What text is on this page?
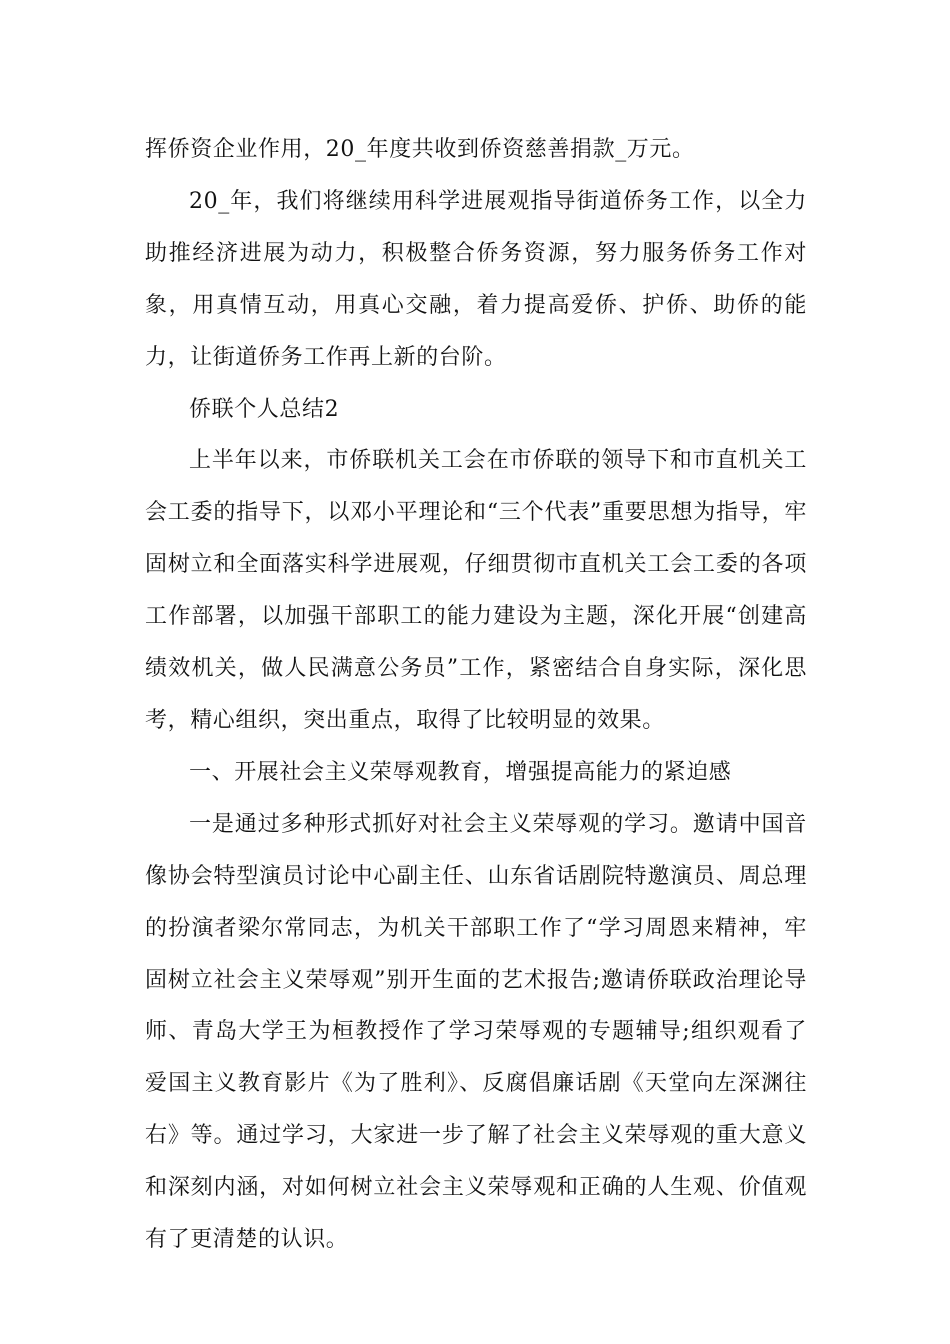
挥侨资企业作用，20_年度共收到侨资慈善捐款_万元。

20_年，我们将继续用科学进展观指导街道侨务工作，以全力助推经济进展为动力，积极整合侨务资源，努力服务侨务工作对象，用真情互动，用真心交融，着力提高爱侨、护侨、助侨的能力，让街道侨务工作再上新的台阶。

侨联个人总结2

上半年以来，市侨联机关工会在市侨联的领导下和市直机关工会工委的指导下，以邓小平理论和“三个代表”重要思想为指导，牢固树立和全面落实科学进展观，仔细贯彻市直机关工会工委的各项工作部署，以加强干部职工的能力建设为主题，深化开展“创建高绩效机关，做人民满意公务员”工作，紧密结合自身实际，深化思考，精心组织，突出重点，取得了比较明显的效果。

一、开展社会主义荣辱观教育，增强提高能力的紧迫感

一是通过多种形式抓好对社会主义荣辱观的学习。邀请中国音像协会特型演员讨论中心副主任、山东省话剧院特邀演员、周总理的扮演者梁尔常同志，为机关干部职工作了“学习周恩来精神，牢固树立社会主义荣辱观”别开生面的艺术报告;邀请侨联政治理论导师、青岛大学王为桓教授作了学习荣辱观的专题辅导;组织观看了爱国主义教育影片《为了胜利》、反腐倡廉话剧《天堂向左深渊往右》等。通过学习，大家进一步了解了社会主义荣辱观的重大意义和深刻内涵，对如何树立社会主义荣辱观和正确的人生观、价值观有了更清楚的认识。
